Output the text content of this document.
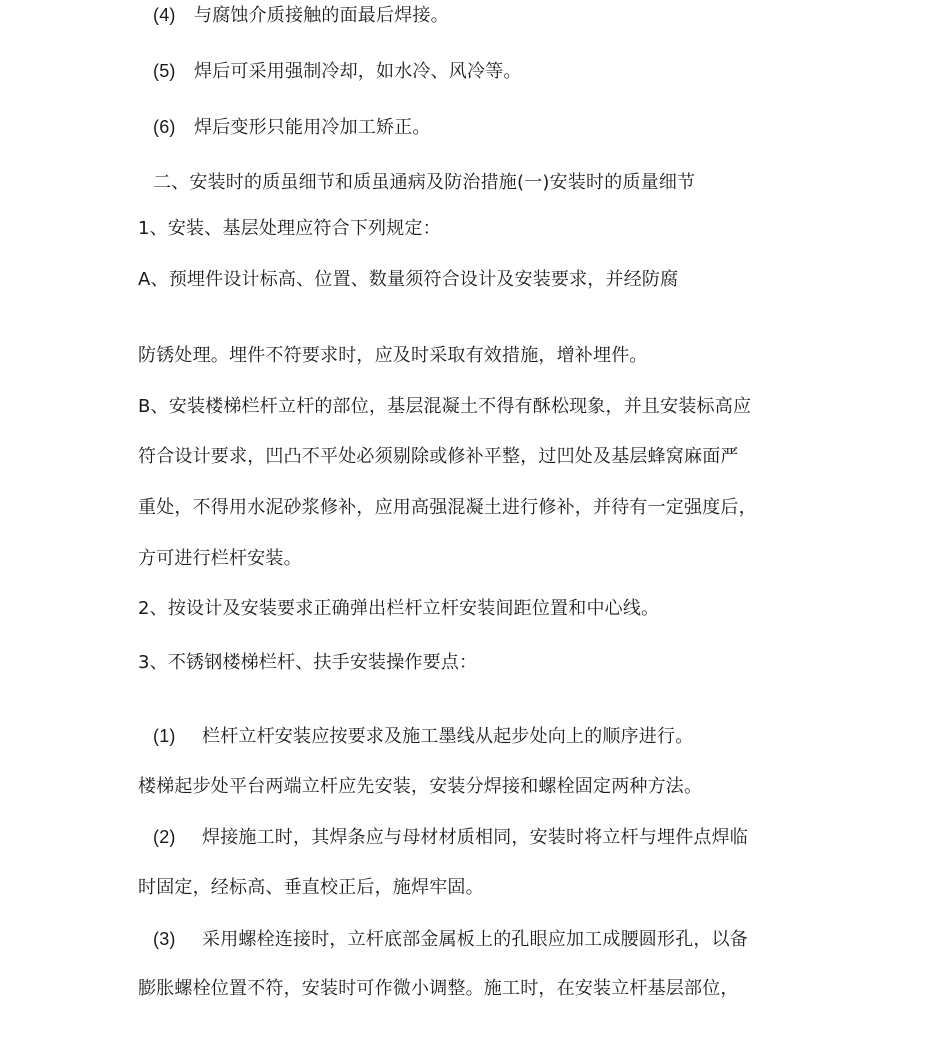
(4) 与腐蚀介质接触的面最后焊接。
(5) 焊后可采用强制冷却，如水冷、风冷等。
(6) 焊后变形只能用冷加工矫正。
二、安装时的质虽细节和质虽通病及防治措施(一)安装时的质量细节
1、安装、基层处理应符合下列规定：
A、预埋件设计标高、位置、数量须符合设计及安装要求，并经防腐
防锈处理。埋件不符要求时，应及时采取有效措施，增补埋件。
B、安装楼梯栏杆立杆的部位，基层混凝土不得有酥松现象，并且安装标高应
符合设计要求，凹凸不平处必须剔除或修补平整，过凹处及基层蜂窝麻面严
重处，不得用水泥砂浆修补，应用高强混凝土进行修补，并待有一定强度后，
方可进行栏杆安装。
2、按设计及安装要求正确弹出栏杆立杆安装间距位置和中心线。
3、不锈钢楼梯栏杆、扶手安装操作要点：
(1) 栏杆立杆安装应按要求及施工墨线从起步处向上的顺序进行。
楼梯起步处平台两端立杆应先安装，安装分焊接和螺栓固定两种方法。
(2) 焊接施工时，其焊条应与母材材质相同，安装时将立杆与埋件点焊临
时固定，经标高、垂直校正后，施焊牢固。
(3) 采用螺栓连接时，立杆底部金属板上的孔眼应加工成腰圆形孔，以备
膨胀螺栓位置不符，安装时可作微小调整。施工时，在安装立杆基层部位，
